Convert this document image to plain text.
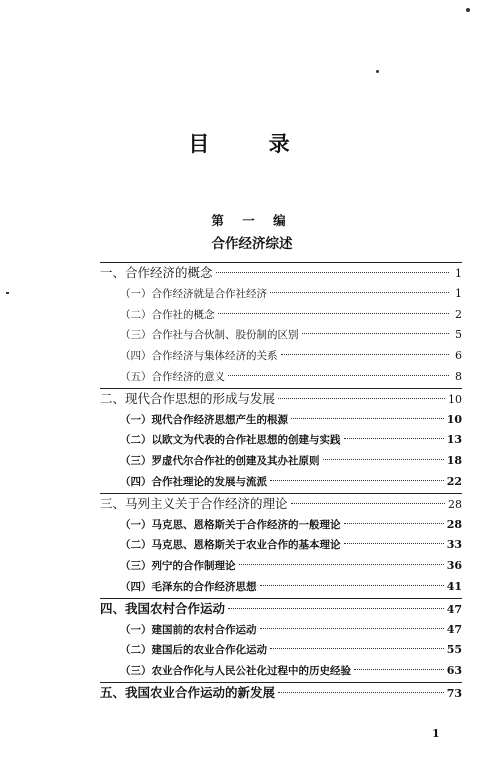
目 录
第 一 编
合作经济综述
一、合作经济的概念	1
（一）合作经济就是合作社经济	1
（二）合作社的概念	2
（三）合作社与合伙制、股份制的区别	5
（四）合作经济与集体经济的关系	6
（五）合作经济的意义	8
二、现代合作思想的形成与发展	10
（一）现代合作经济思想产生的根源	10
（二）以欧文为代表的合作社思想的创建与实践	13
（三）罗虚代尔合作社的创建及其办社原则	18
（四）合作社理论的发展与流派	22
三、马列主义关于合作经济的理论	28
（一）马克思、恩格斯关于合作经济的一般理论	28
（二）马克思、恩格斯关于农业合作的基本理论	33
（三）列宁的合作制理论	36
（四）毛泽东的合作经济思想	41
四、我国农村合作运动	47
（一）建国前的农村合作运动	47
（二）建国后的农业合作化运动	55
（三）农业合作化与人民公社化过程中的历史经验	63
五、我国农业合作运动的新发展	73
1
